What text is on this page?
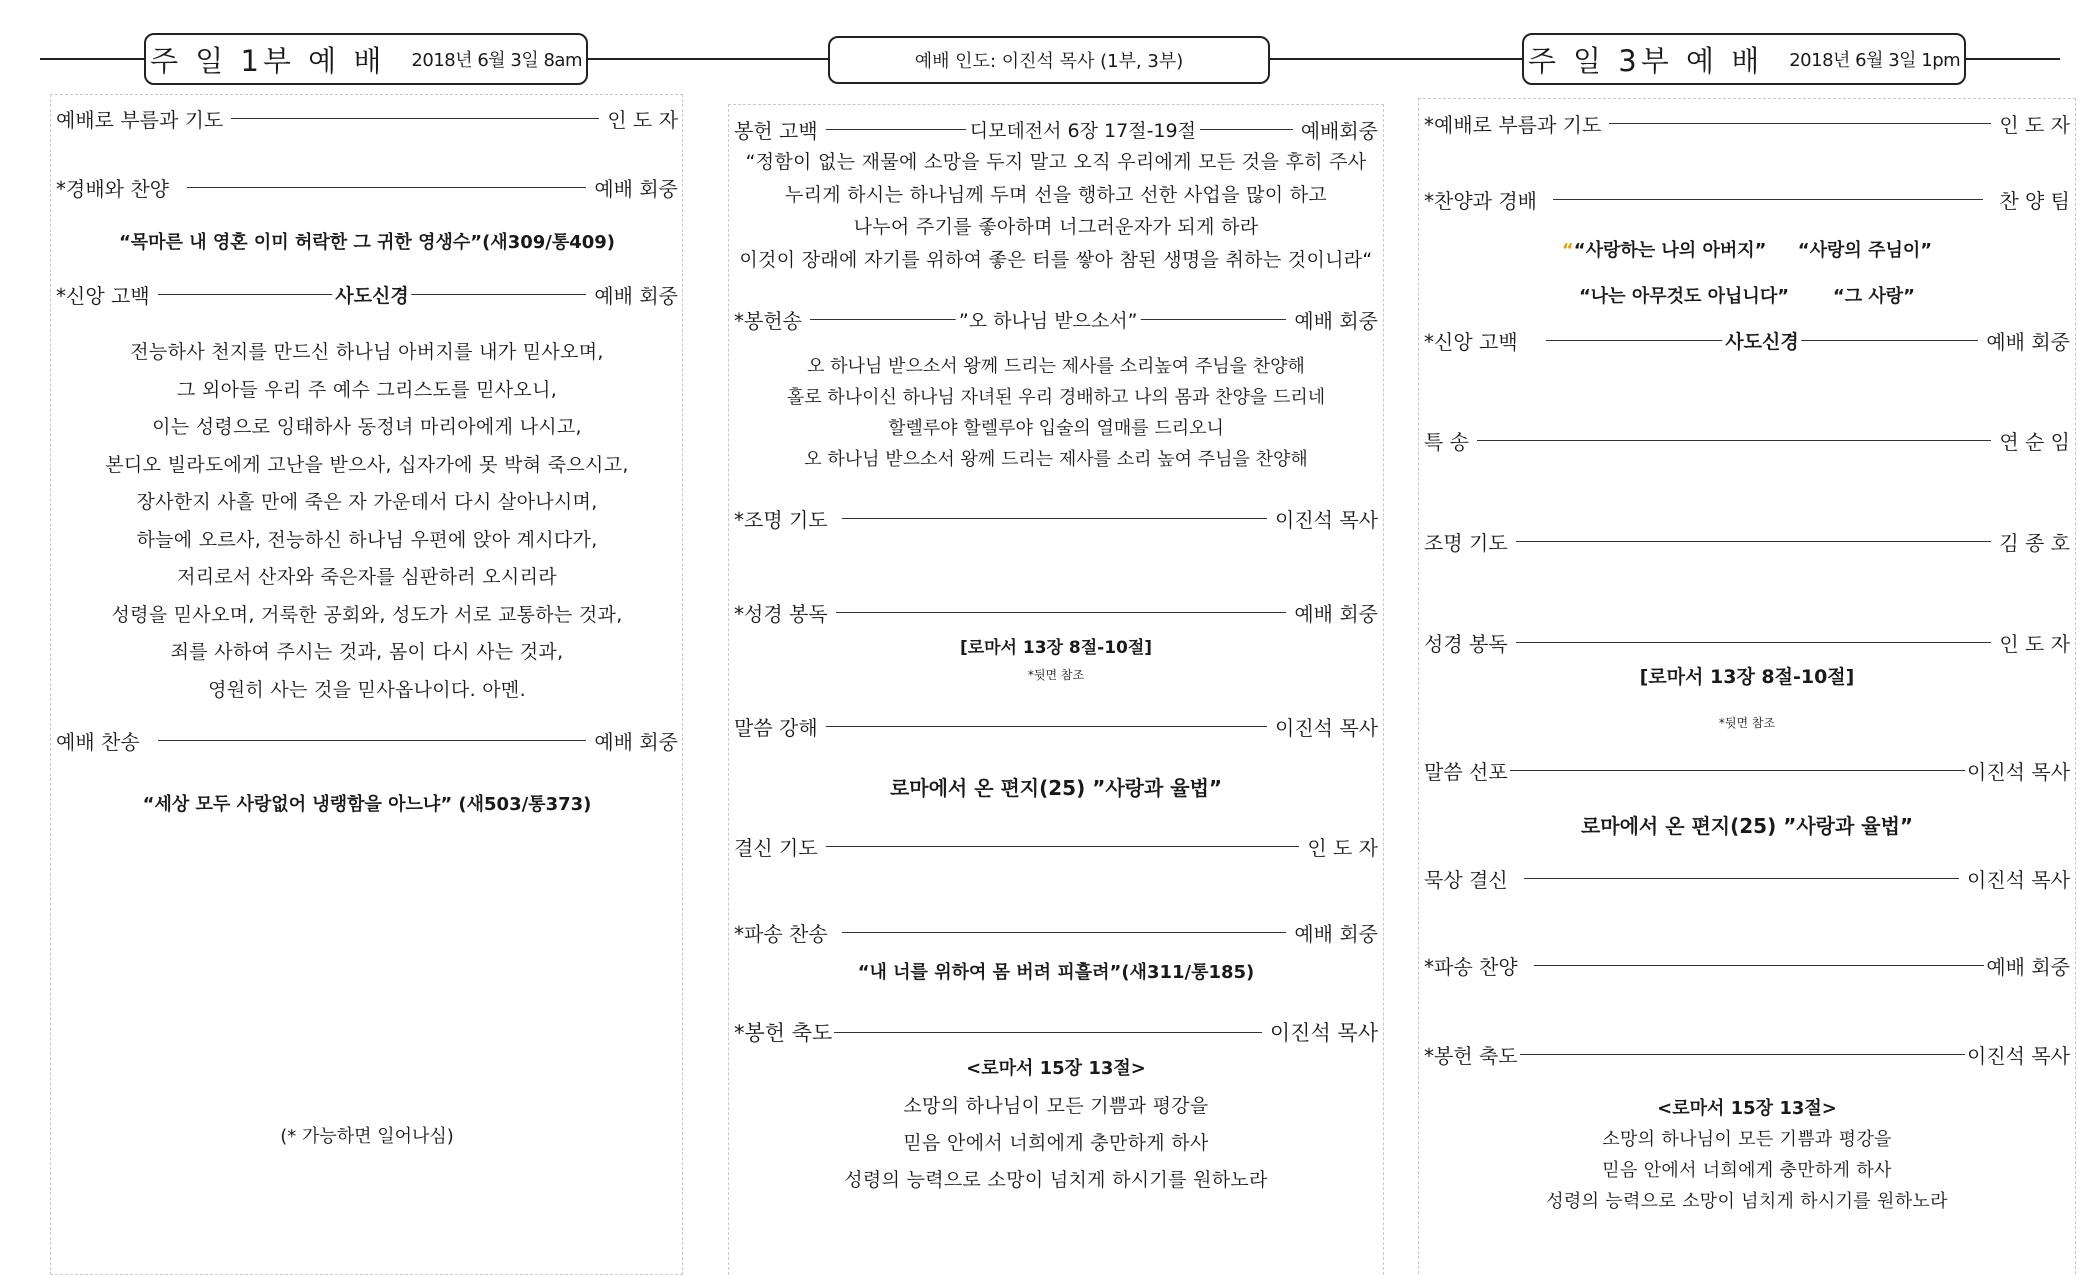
주 일 1부 예 배 2018년 6월 3일 8am	예배 인도: 이진석 목사 (1부, 3부)	주 일 3부 예 배 2018년 6월 3일 1pm
예배로 부름과 기도	인 도 자
*경배와 찬양	예배 회중
“목마른 내 영혼 이미 허락한 그 귀한 영생수”(새309/통409)
*신앙 고백	사도신경	예배 회중
전능하사 천지를 만드신 하나님 아버지를 내가 믿사오며,
그 외아들 우리 주 예수 그리스도를 믿사오니,
이는 성령으로 잉태하사 동정녀 마리아에게 나시고,
본디오 빌라도에게 고난을 받으사, 십자가에 못 박혀 죽으시고,
장사한지 사흘 만에 죽은 자 가운데서 다시 살아나시며,
하늘에 오르사, 전능하신 하나님 우편에 앉아 계시다가,
저리로서 산자와 죽은자를 심판하러 오시리라
성령을 믿사오며, 거룩한 공회와, 성도가 서로 교통하는 것과,
죄를 사하여 주시는 것과, 몸이 다시 사는 것과,
영원히 사는 것을 믿사옵나이다. 아멘.
예배 찬송	예배 회중
“세상 모두 사랑없어 냉랭함을 아느냐” (새503/통373)
(* 가능하면 일어나심)
봉헌 고백	디모데전서 6장 17절-19절	예배회중
“정함이 없는 재물에 소망을 두지 말고 오직 우리에게 모든 것을 후히 주사
누리게 하시는 하나님께 두며 선을 행하고 선한 사업을 많이 하고
나누어 주기를 좋아하며 너그러운자가 되게 하라
이것이 장래에 자기를 위하여 좋은 터를 쌓아 참된 생명을 취하는 것이니라“
*봉헌송	”오 하나님 받으소서”	예배 회중
오 하나님 받으소서 왕께 드리는 제사를 소리높여 주님을 찬양해
홀로 하나이신 하나님 자녀된 우리 경배하고 나의 몸과 찬양을 드리네
할렐루야 할렐루야 입술의 열매를 드리오니
오 하나님 받으소서 왕께 드리는 제사를 소리 높여 주님을 찬양해
*조명 기도	이진석 목사
*성경 봉독	예배 회중
[로마서 13장 8절-10절]
*뒷면 참조
말씀 강해	이진석 목사
로마에서 온 편지(25) ”사랑과 율법”
결신 기도	인 도 자
*파송 찬송	예배 회중
“내 너를 위하여 몸 버려 피흘려”(새311/통185)
*봉헌 축도	이진석 목사
<로마서 15장 13절>
소망의 하나님이 모든 기쁨과 평강을
믿음 안에서 너희에게 충만하게 하사
성령의 능력으로 소망이 넘치게 하시기를 원하노라
*예배로 부름과 기도	인 도 자
*찬양과 경배	찬 양 팀
““사랑하는 나의 아버지” “사랑의 주님이”
“나는 아무것도 아닙니다” “그 사랑”
*신앙 고백	사도신경	예배 회중
특 송	연 순 임
조명 기도	김 종 호
성경 봉독	인 도 자
[로마서 13장 8절-10절]
*뒷면 참조
말씀 선포	이진석 목사
로마에서 온 편지(25) ”사랑과 율법”
묵상 결신	이진석 목사
*파송 찬양	예배 회중
*봉헌 축도	이진석 목사
<로마서 15장 13절>
소망의 하나님이 모든 기쁨과 평강을
믿음 안에서 너희에게 충만하게 하사
성령의 능력으로 소망이 넘치게 하시기를 원하노라
